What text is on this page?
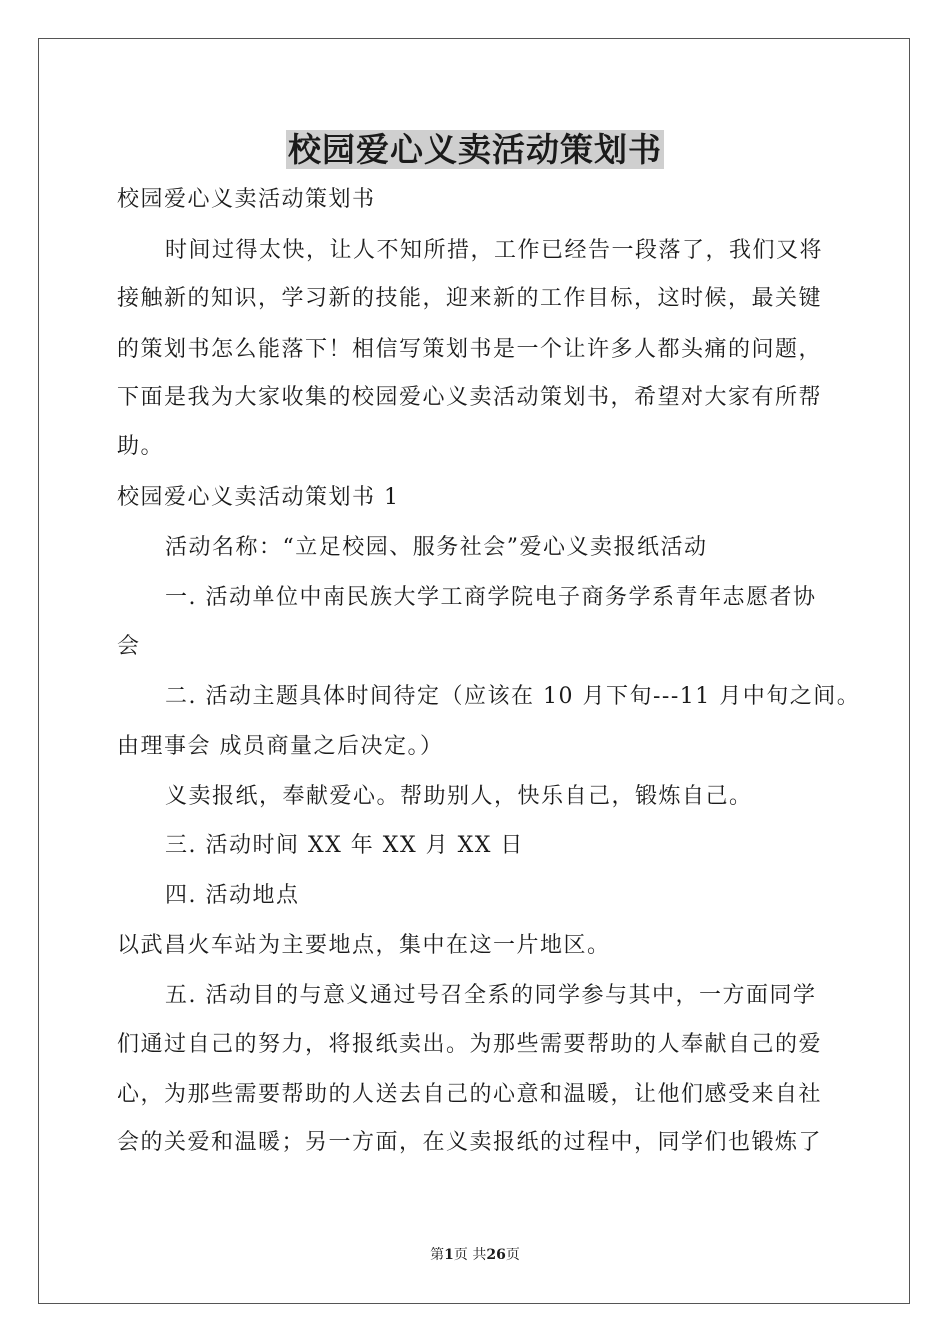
校园爱心义卖活动策划书
校园爱心义卖活动策划书
时间过得太快，让人不知所措，工作已经告一段落了，我们又将
接触新的知识，学习新的技能，迎来新的工作目标，这时候，最关键
的策划书怎么能落下！相信写策划书是一个让许多人都头痛的问题，
下面是我为大家收集的校园爱心义卖活动策划书，希望对大家有所帮
助。
校园爱心义卖活动策划书 1
活动名称：“立足校园、服务社会”爱心义卖报纸活动
一. 活动单位中南民族大学工商学院电子商务学系青年志愿者协
会
二. 活动主题具体时间待定（应该在 10 月下旬---11 月中旬之间。
由理事会 成员商量之后决定。）
义卖报纸，奉献爱心。帮助别人，快乐自己，锻炼自己。
三. 活动时间 XX 年 XX 月 XX 日
四. 活动地点
以武昌火车站为主要地点，集中在这一片地区。
五. 活动目的与意义通过号召全系的同学参与其中，一方面同学
们通过自己的努力，将报纸卖出。为那些需要帮助的人奉献自己的爱
心，为那些需要帮助的人送去自己的心意和温暖，让他们感受来自社
会的关爱和温暖；另一方面，在义卖报纸的过程中，同学们也锻炼了
第1页 共26页
